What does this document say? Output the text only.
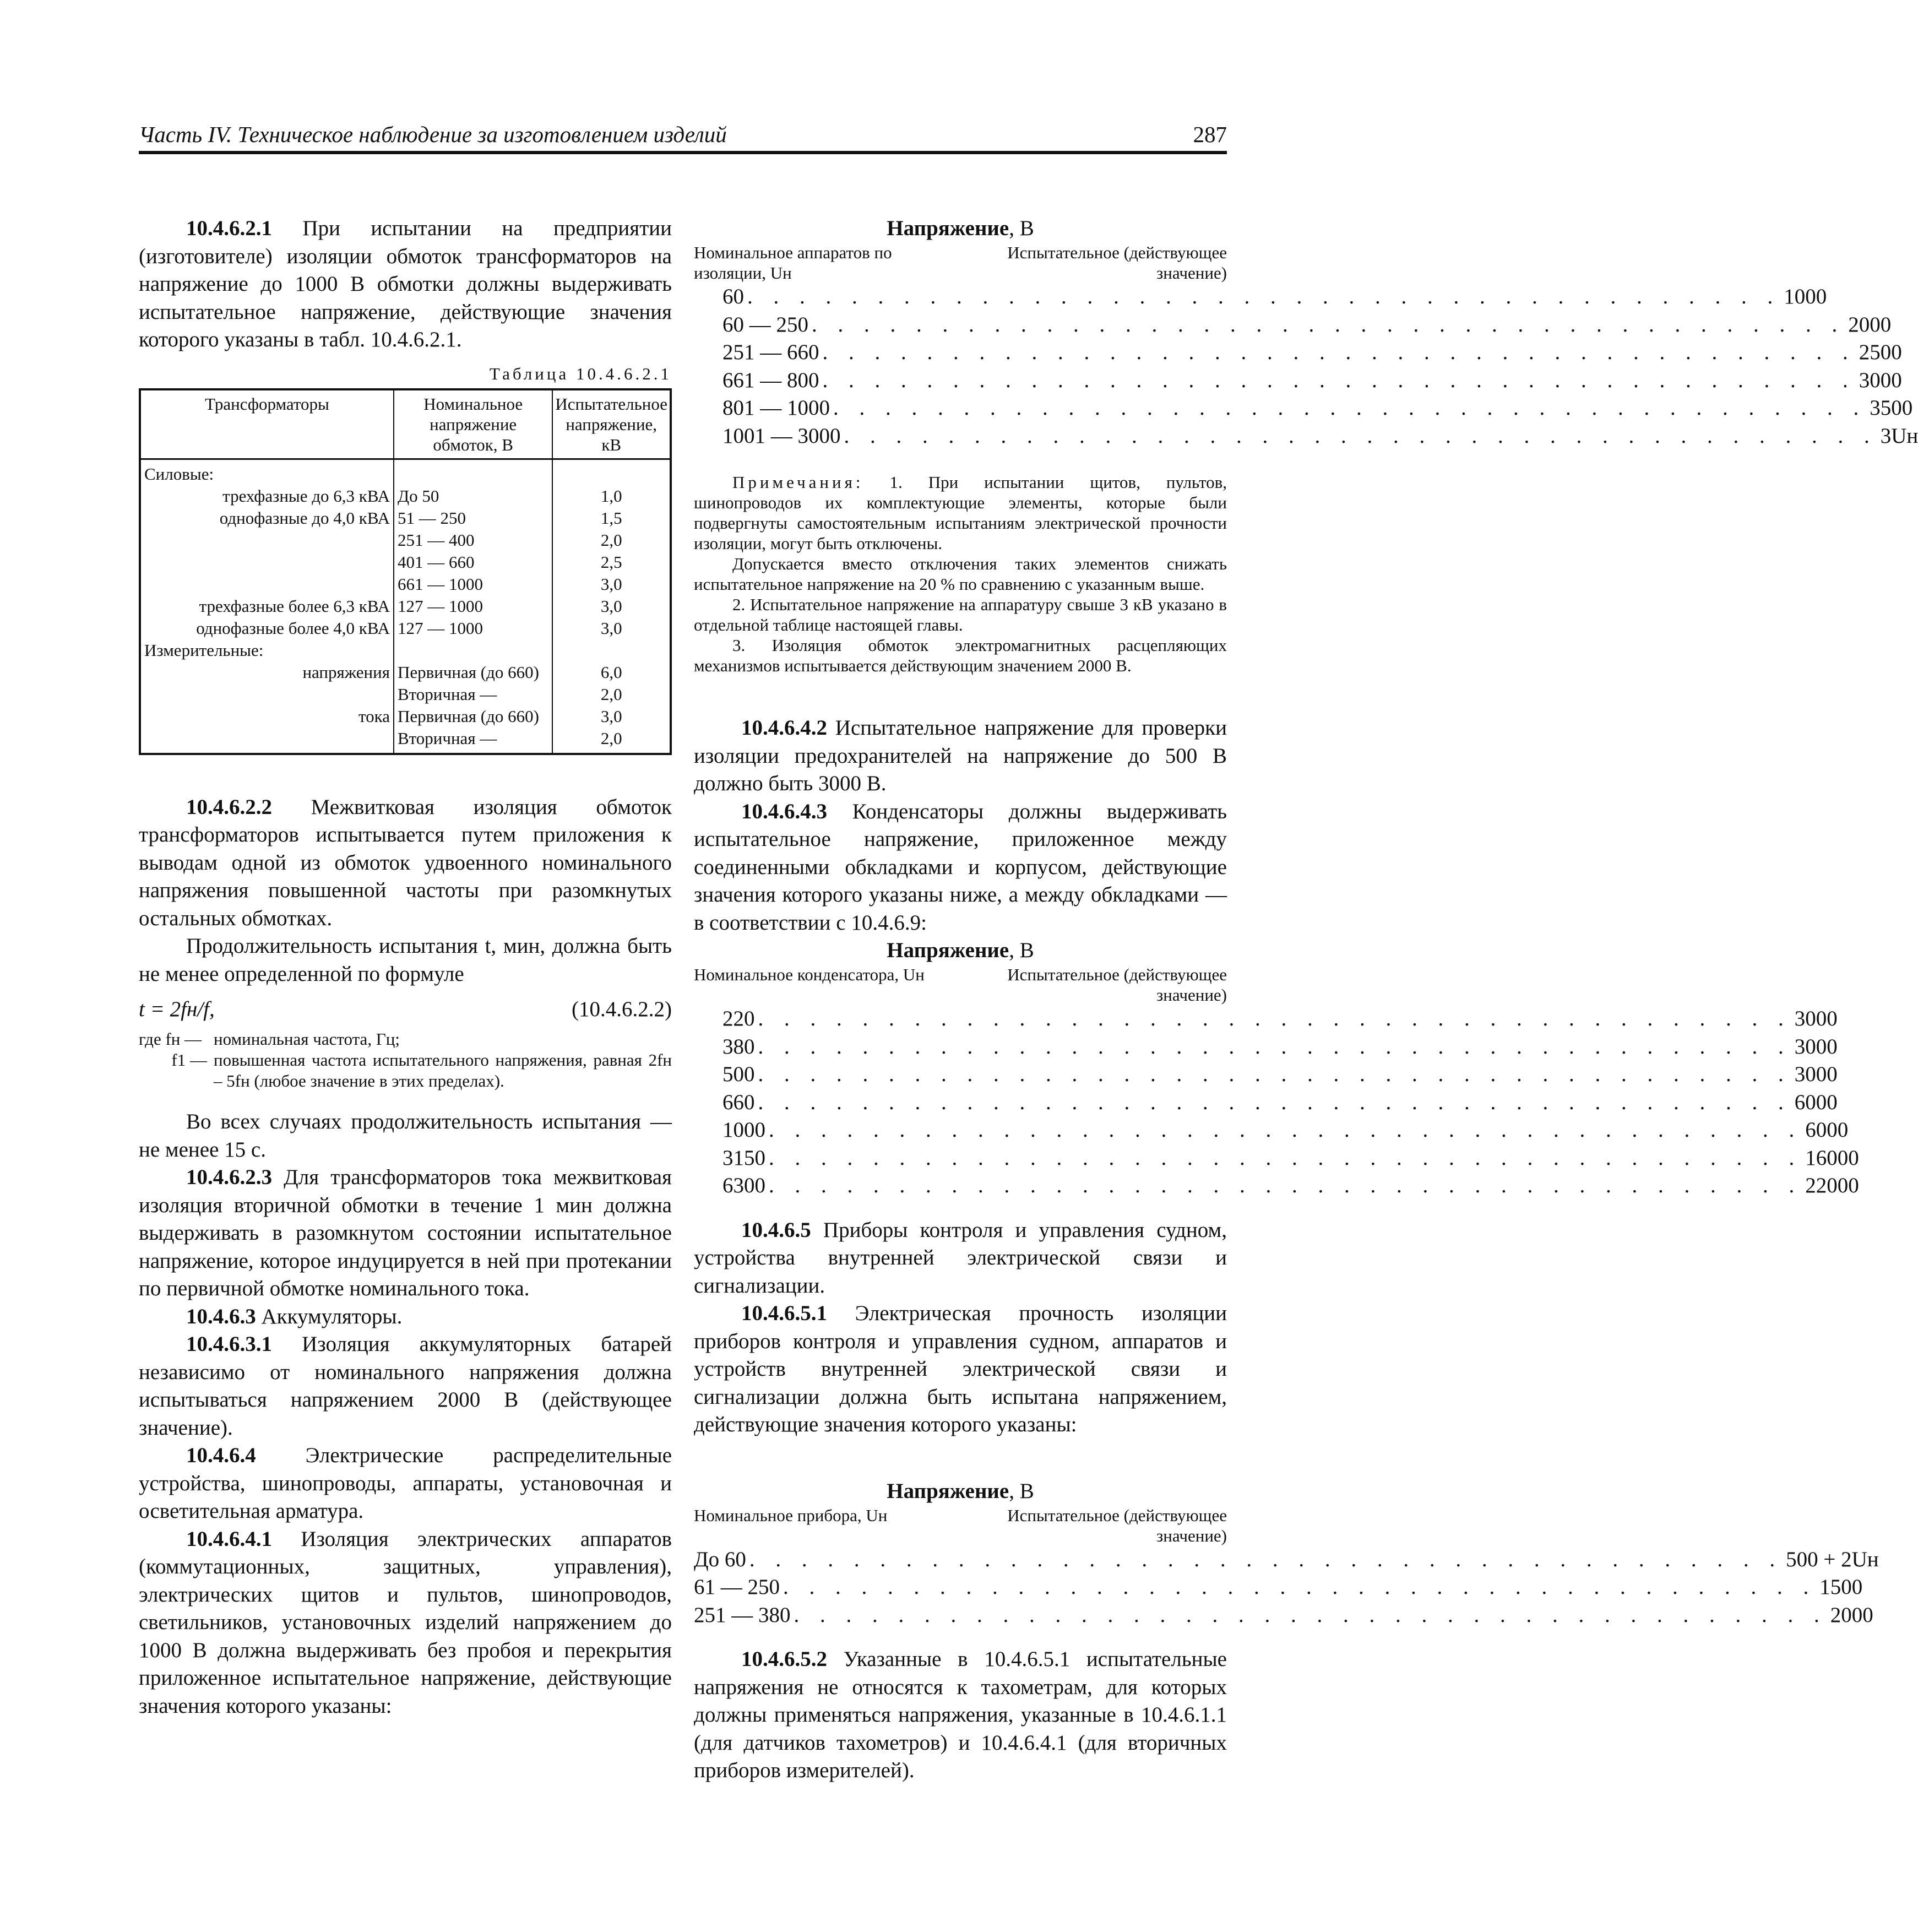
Часть IV. Техническое наблюдение за изготовлением изделий	287

10.4.6.2.1 При испытании на предприятии (изготовителе) изоляции обмоток трансформаторов на напряжение до 1000 В обмотки должны выдерживать испытательное напряжение, действующие значения которого указаны в табл. 10.4.6.2.1.

Таблица 10.4.6.2.1
Трансформаторы	Номинальное напряжение обмоток, В	Испытательное напряжение, кВ
Силовые:		
трехфазные до 6,3 кВА	До 50	1,0
однофазные до 4,0 кВА	51 — 250	1,5
	251 — 400	2,0
	401 — 660	2,5
	661 — 1000	3,0
трехфазные более 6,3 кВА	127 — 1000	3,0
однофазные более 4,0 кВА	127 — 1000	3,0
Измерительные:		
напряжения	Первичная (до 660)	6,0
	Вторичная —	2,0
тока	Первичная (до 660)	3,0
	Вторичная —	2,0

10.4.6.2.2 Межвитковая изоляция обмоток трансформаторов испытывается путем приложения к выводам одной из обмоток удвоенного номинального напряжения повышенной частоты при разомкнутых остальных обмотках.

Продолжительность испытания t, мин, должна быть не менее определенной по формуле

t = 2fн/f,	(10.4.6.2.2)
где fн — номинальная частота, Гц;
f1 — повышенная частота испытательного напряжения, равная 2fн – 5fн (любое значение в этих пределах).

Во всех случаях продолжительность испытания — не менее 15 с.

10.4.6.2.3 Для трансформаторов тока межвитковая изоляция вторичной обмотки в течение 1 мин должна выдерживать в разомкнутом состоянии испытательное напряжение, которое индуцируется в ней при протекании по первичной обмотке номинального тока.

10.4.6.3 Аккумуляторы.

10.4.6.3.1 Изоляция аккумуляторных батарей независимо от номинального напряжения должна испытываться напряжением 2000 В (действующее значение).

10.4.6.4 Электрические распределительные устройства, шинопроводы, аппараты, установочная и осветительная арматура.

10.4.6.4.1 Изоляция электрических аппаратов (коммутационных, защитных, управления), электрических щитов и пультов, шинопроводов, светильников, установочных изделий напряжением до 1000 В должна выдерживать без пробоя и перекрытия приложенное испытательное напряжение, действующие значения которого указаны:

Напряжение, В
Номинальное аппаратов по изоляции, Uн
Испытательное (действующее значение)
60 . . . . . . . . . . . . . . . . . . . . . . . . . . . . . . . . . . . . . . . . 1000
60 — 250 . . . . . . . . . . . . . . . . . . . . . . . . . . . . . . . . . . . . . . . . 2000
251 — 660 . . . . . . . . . . . . . . . . . . . . . . . . . . . . . . . . . . . . . . . . 2500
661 — 800 . . . . . . . . . . . . . . . . . . . . . . . . . . . . . . . . . . . . . . . . 3000
801 — 1000 . . . . . . . . . . . . . . . . . . . . . . . . . . . . . . . . . . . . . . . . 3500
1001 — 3000 . . . . . . . . . . . . . . . . . . . . . . . . . . . . . . . . . . . . . . . . 3Uн
Примечания: 1. При испытании щитов, пультов, шинопроводов их комплектующие элементы, которые были подвергнуты самостоятельным испытаниям электрической прочности изоляции, могут быть отключены.
Допускается вместо отключения таких элементов снижать испытательное напряжение на 20 % по сравнению с указанным выше.
2. Испытательное напряжение на аппаратуру свыше 3 кВ указано в отдельной таблице настоящей главы.
3. Изоляция обмоток электромагнитных расцепляющих механизмов испытывается действующим значением 2000 В.

10.4.6.4.2 Испытательное напряжение для проверки изоляции предохранителей на напряжение до 500 В должно быть 3000 В.

10.4.6.4.3 Конденсаторы должны выдерживать испытательное напряжение, приложенное между соединенными обкладками и корпусом, действующие значения которого указаны ниже, а между обкладками — в соответствии с 10.4.6.9:

Напряжение, В
Номинальное конденсатора, Uн	Испытательное (действующее значение)
220 . . . . . . . . . . . . . . . . . . . . . . . . . . . . . . . . . . . . . . . . 3000
380 . . . . . . . . . . . . . . . . . . . . . . . . . . . . . . . . . . . . . . . . 3000
500 . . . . . . . . . . . . . . . . . . . . . . . . . . . . . . . . . . . . . . . . 3000
660 . . . . . . . . . . . . . . . . . . . . . . . . . . . . . . . . . . . . . . . . 6000
1000 . . . . . . . . . . . . . . . . . . . . . . . . . . . . . . . . . . . . . . . . 6000
3150 . . . . . . . . . . . . . . . . . . . . . . . . . . . . . . . . . . . . . . . . 16000
6300 . . . . . . . . . . . . . . . . . . . . . . . . . . . . . . . . . . . . . . . . 22000

10.4.6.5 Приборы контроля и управления судном, устройства внутренней электрической связи и сигнализации.

10.4.6.5.1 Электрическая прочность изоляции приборов контроля и управления судном, аппаратов и устройств внутренней электрической связи и сигнализации должна быть испытана напряжением, действующие значения которого указаны:

Напряжение, В
Номинальное прибора, Uн	Испытательное (действующее значение)
До 60 . . . . . . . . . . . . . . . . . . . . . . . . . . . . . . . . . . . . . . . . 500 + 2Uн
61 — 250 . . . . . . . . . . . . . . . . . . . . . . . . . . . . . . . . . . . . . . . . 1500
251 — 380 . . . . . . . . . . . . . . . . . . . . . . . . . . . . . . . . . . . . . . . . 2000

10.4.6.5.2 Указанные в 10.4.6.5.1 испытательные напряжения не относятся к тахометрам, для которых должны применяться напряжения, указанные в 10.4.6.1.1 (для датчиков тахометров) и 10.4.6.4.1 (для вторичных приборов измерителей).
